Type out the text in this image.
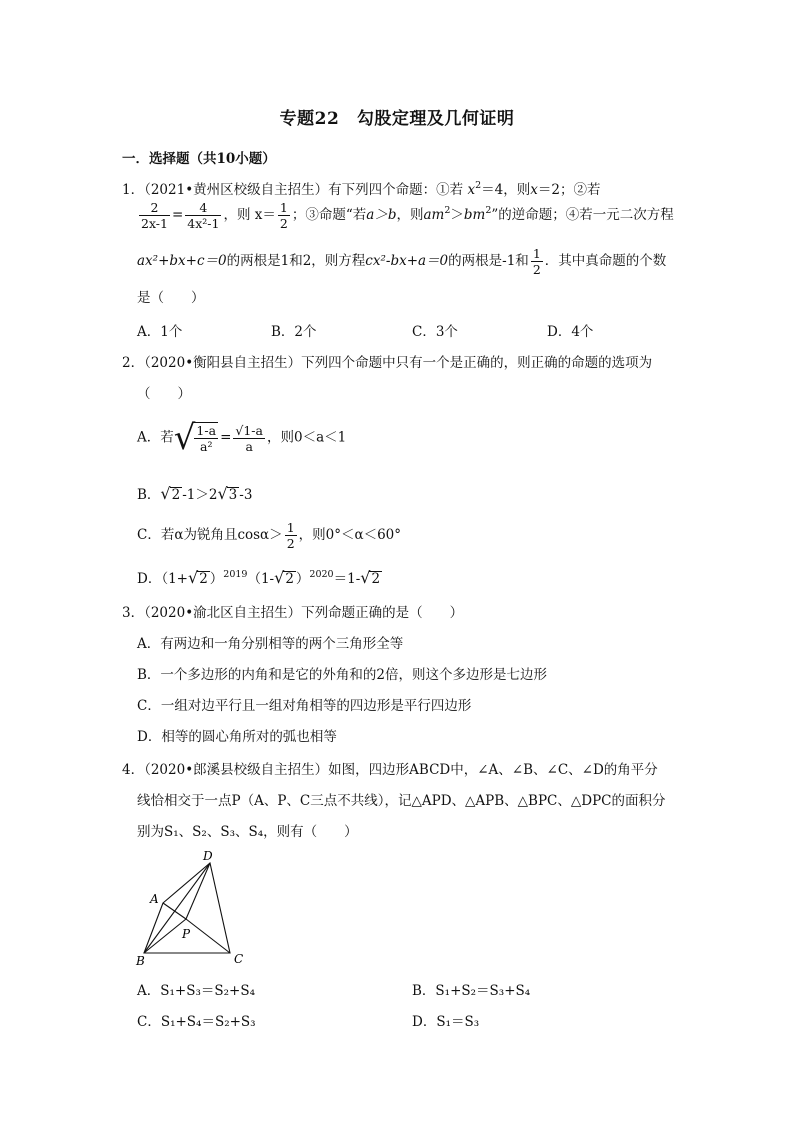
专题22　勾股定理及几何证明
一．选择题（共10小题）
1．（2021•黄州区校级自主招生）有下列四个命题：①若 $x^2=4$，则x＝2；②若
$\frac{2}{2x-1} = \frac{4}{\text{4x²-1}}$ ，则 $x= \frac{1}{2}$ ；③命题“若a＞b，则$am^2>bm^2$”的逆命题；④若一元二次方程
ax²+bx+c＝0的两根是1和2，则方程cx²-bx+a＝0的两根是-1和 $\frac{1}{2}$ ．其中真命题的个数
是（　　）
A．1个	B．2个	C．3个	D．4个
2．（2020•衡阳县自主招生）下列四个命题中只有一个是正确的，则正确的命题的选项为
（　　）
A．若√ $\frac{1-a}{\text{a²}} = \frac{√1-a}{a}$ ，则0＜a＜1
B．√2 -1＞2√3 -3
C．若α为锐角且$\cos\alpha> \frac{1}{2}$ ，则0°＜α＜60°
D．（1+√2 ）$^{2019}$（1-√2 ）$^{2020}$＝1-√2
3．（2020•渝北区自主招生）下列命题正确的是（　　）
A．有两边和一角分别相等的两个三角形全等
B．一个多边形的内角和是它的外角和的2倍，则这个多边形是七边形
C．一组对边平行且一组对角相等的四边形是平行四边形
D．相等的圆心角所对的弧也相等
4．（2020•郎溪县校级自主招生）如图，四边形ABCD中，∠A、∠B、∠C、∠D的角平分
线恰相交于一点P（A、P、C三点不共线），记△APD、△APB、△BPC、△DPC的面积分
别为S₁、S₂、S₃、S₄，则有（　　）
A
D
C
B
P
A．S₁+S₃＝S₂+S₄	B．S₁+S₂＝S₃+S₄
C．S₁+S₄＝S₂+S₃	D．S₁＝S₃
